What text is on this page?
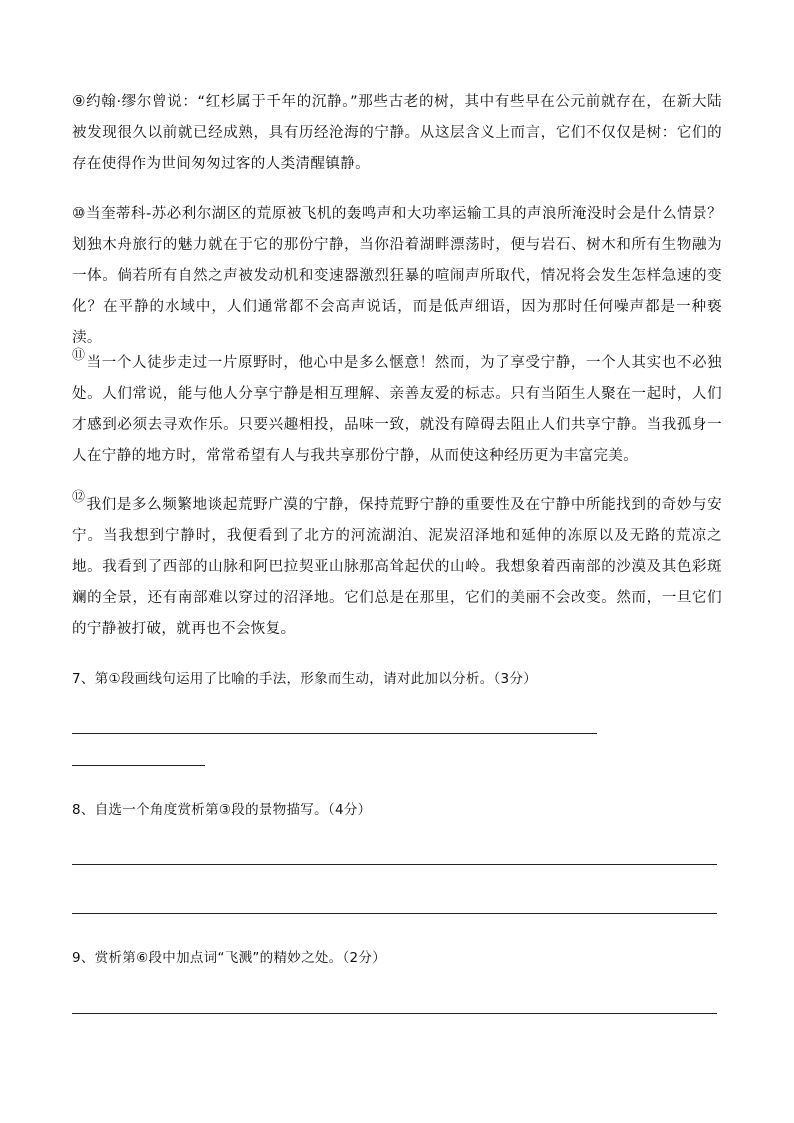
⑨约翰·缪尔曾说：“红杉属于千年的沉静。”那些古老的树，其中有些早在公元前就存在，在新大陆被发现很久以前就已经成熟，具有历经沧海的宁静。从这层含义上而言，它们不仅仅是树：它们的存在使得作为世间匆匆过客的人类清醒镇静。

⑩当奎蒂科-苏必利尔湖区的荒原被飞机的轰鸣声和大功率运输工具的声浪所淹没时会是什么情景？划独木舟旅行的魅力就在于它的那份宁静，当你沿着湖畔漂荡时，便与岩石、树木和所有生物融为一体。倘若所有自然之声被发动机和变速器激烈狂暴的喧闹声所取代，情况将会发生怎样急速的变化？在平静的水域中，人们通常都不会高声说话，而是低声细语，因为那时任何噪声都是一种亵渎。

⑪当一个人徒步走过一片原野时，他心中是多么惬意！然而，为了享受宁静，一个人其实也不必独处。人们常说，能与他人分享宁静是相互理解、亲善友爱的标志。只有当陌生人聚在一起时，人们才感到必须去寻欢作乐。只要兴趣相投，品味一致，就没有障碍去阻止人们共享宁静。当我孤身一人在宁静的地方时，常常希望有人与我共享那份宁静，从而使这种经历更为丰富完美。

⑫我们是多么频繁地谈起荒野广漠的宁静，保持荒野宁静的重要性及在宁静中所能找到的奇妙与安宁。当我想到宁静时，我便看到了北方的河流湖泊、泥炭沼泽地和延伸的冻原以及无路的荒凉之地。我看到了西部的山脉和阿巴拉契亚山脉那高耸起伏的山岭。我想象着西南部的沙漠及其色彩斑斓的全景，还有南部难以穿过的沼泽地。它们总是在那里，它们的美丽不会改变。然而，一旦它们的宁静被打破，就再也不会恢复。

7、第①段画线句运用了比喻的手法，形象而生动，请对此加以分析。（3分）

8、自选一个角度赏析第③段的景物描写。（4分）

9、赏析第⑥段中加点词“飞溅”的精妙之处。（2分）
